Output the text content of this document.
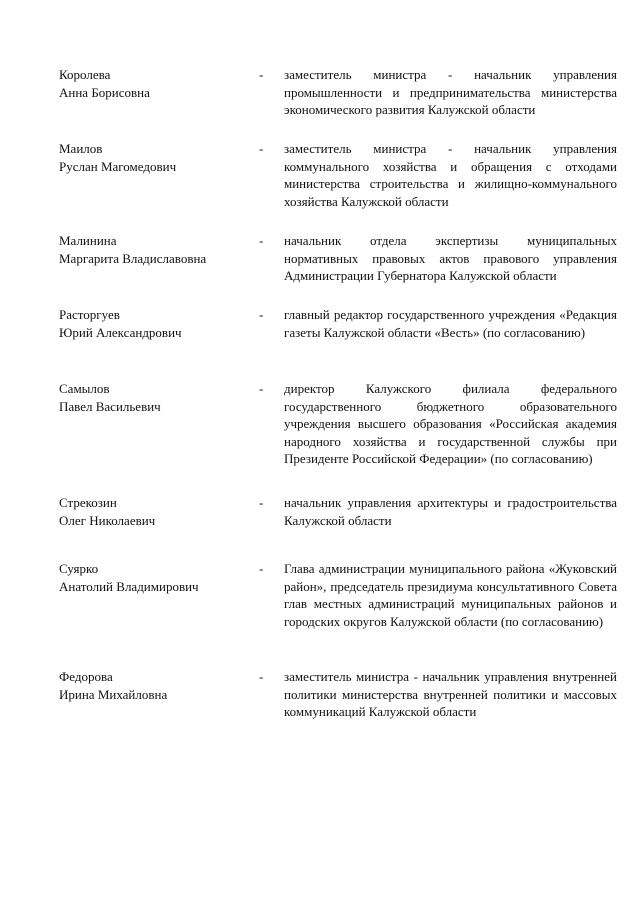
Королева
Анна Борисовна
- заместитель министра - начальник управления промышленности и предпринимательства министерства экономического развития Калужской области
Маилов
Руслан Магомедович
- заместитель министра - начальник управления коммунального хозяйства и обращения с отходами министерства строительства и жилищно-коммунального хозяйства Калужской области
Малинина
Маргарита Владиславовна
- начальник отдела экспертизы муниципальных нормативных правовых актов правового управления Администрации Губернатора Калужской области
Расторгуев
Юрий Александрович
- главный редактор государственного учреждения «Редакция газеты Калужской области «Весть» (по согласованию)
Самылов
Павел Васильевич
- директор Калужского филиала федерального государственного бюджетного образовательного учреждения высшего образования «Российская академия народного хозяйства и государственной службы при Президенте Российской Федерации» (по согласованию)
Стрекозин
Олег Николаевич
- начальник управления архитектуры и градостроительства Калужской области
Суярко
Анатолий Владимирович
- Глава администрации муниципального района «Жуковский район», председатель президиума консультативного Совета глав местных администраций муниципальных районов и городских округов Калужской области (по согласованию)
Федорова
Ирина Михайловна
- заместитель министра - начальник управления внутренней политики министерства внутренней политики и массовых коммуникаций Калужской области
